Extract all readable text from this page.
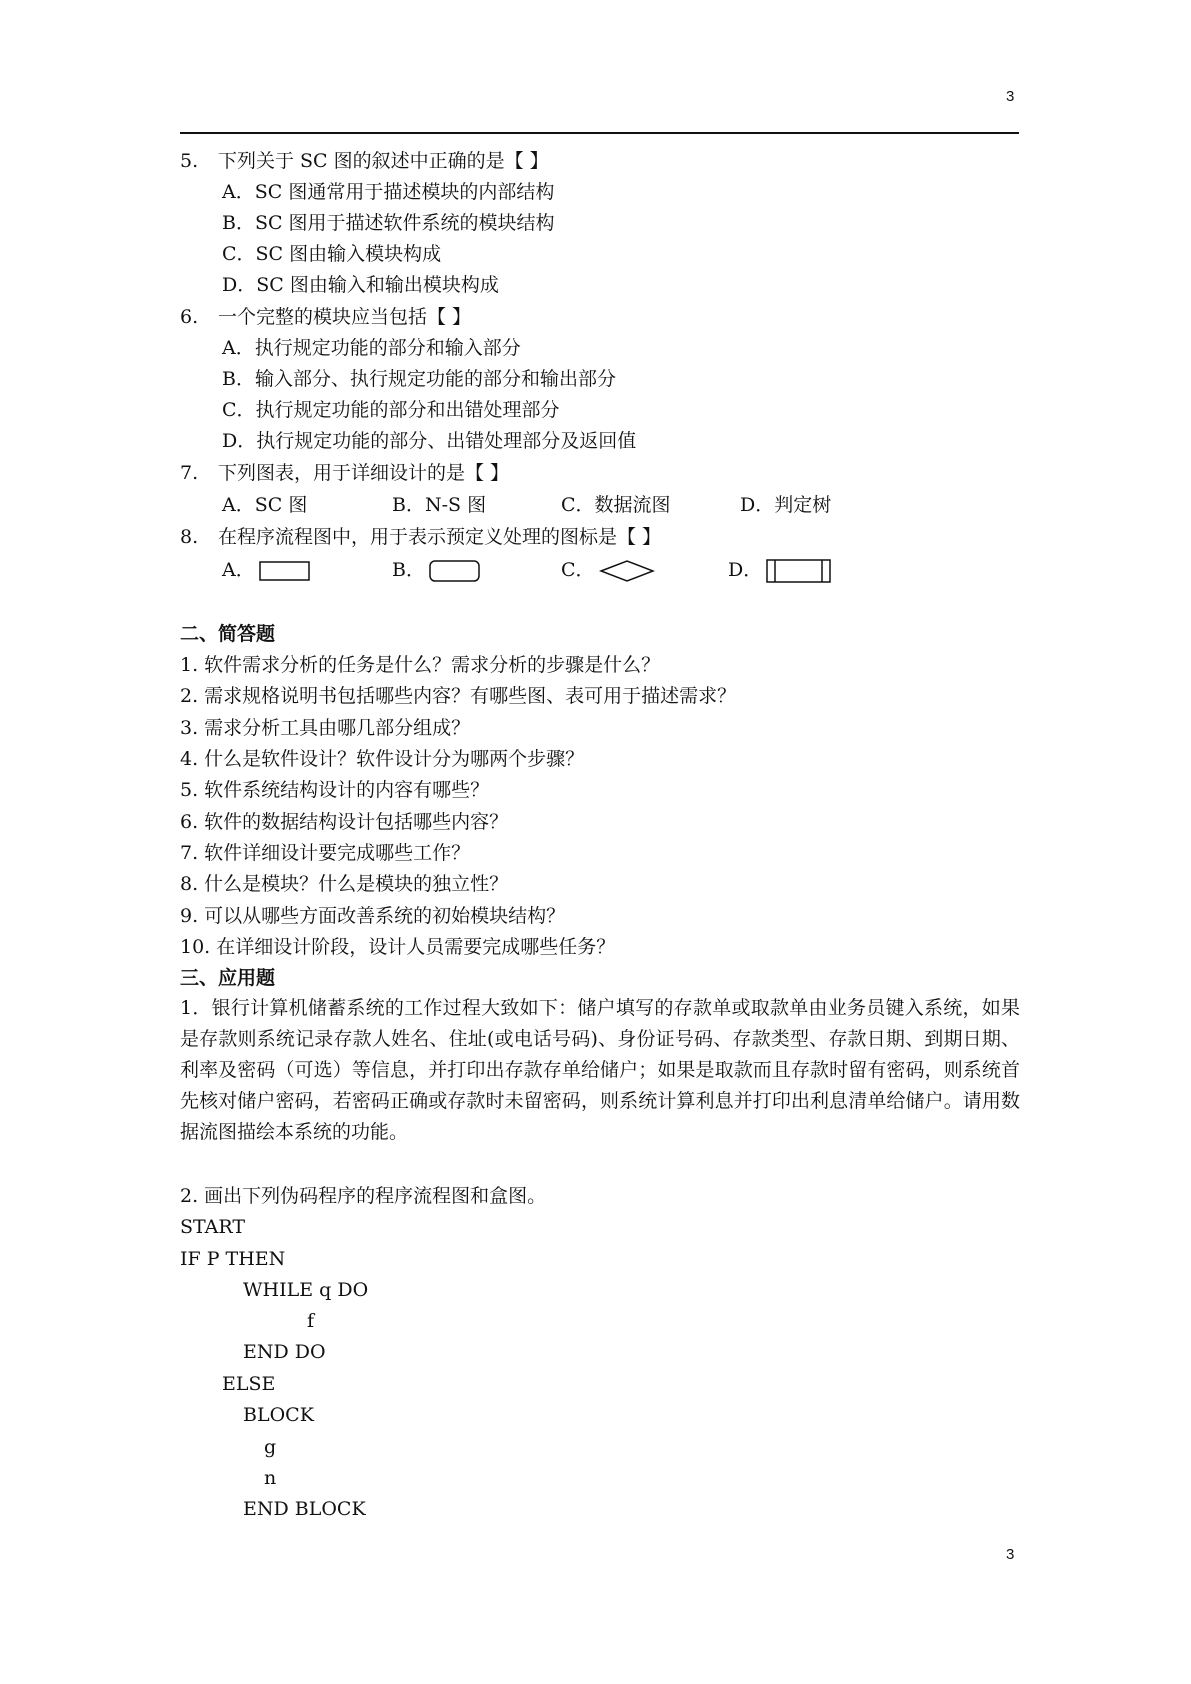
3
5. 下列关于 SC 图的叙述中正确的是【 】
A．SC 图通常用于描述模块的内部结构
B．SC 图用于描述软件系统的模块结构
C．SC 图由输入模块构成
D．SC 图由输入和输出模块构成
6. 一个完整的模块应当包括【 】
A．执行规定功能的部分和输入部分
B．输入部分、执行规定功能的部分和输出部分
C．执行规定功能的部分和出错处理部分
D．执行规定功能的部分、出错处理部分及返回值
7. 下列图表，用于详细设计的是【 】
A．SC 图	B．N-S 图	C．数据流图	D．判定树
8. 在程序流程图中，用于表示预定义处理的图标是【 】
A．	B．	C．	D．
二、简答题
1. 软件需求分析的任务是什么？需求分析的步骤是什么？
2. 需求规格说明书包括哪些内容？有哪些图、表可用于描述需求？
3. 需求分析工具由哪几部分组成？
4. 什么是软件设计？软件设计分为哪两个步骤？
5. 软件系统结构设计的内容有哪些？
6. 软件的数据结构设计包括哪些内容？
7. 软件详细设计要完成哪些工作？
8. 什么是模块？什么是模块的独立性？
9. 可以从哪些方面改善系统的初始模块结构？
10. 在详细设计阶段，设计人员需要完成哪些任务？
三、应用题
1．银行计算机储蓄系统的工作过程大致如下：储户填写的存款单或取款单由业务员键入系统，如果是存款则系统记录存款人姓名、住址(或电话号码)、身份证号码、存款类型、存款日期、到期日期、利率及密码（可选）等信息，并打印出存款存单给储户；如果是取款而且存款时留有密码，则系统首先核对储户密码，若密码正确或存款时未留密码，则系统计算利息并打印出利息清单给储户。请用数据流图描绘本系统的功能。
2. 画出下列伪码程序的程序流程图和盒图。
START
IF P THEN
WHILE q DO
f
END DO
ELSE
BLOCK
g
n
END BLOCK
3
